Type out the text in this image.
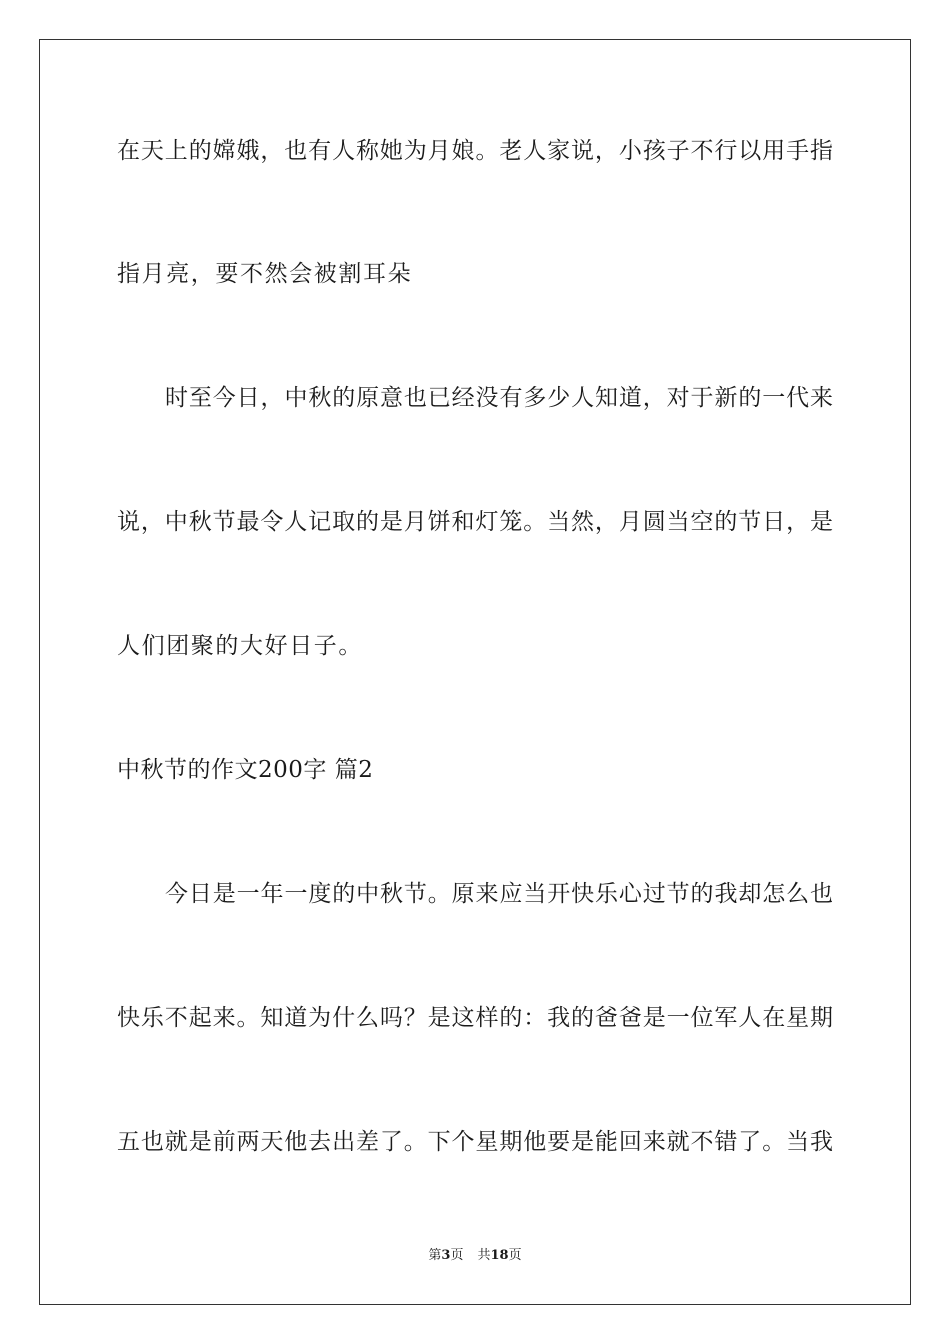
在天上的嫦娥，也有人称她为月娘。老人家说，小孩子不行以用手指
指月亮，要不然会被割耳朵
时至今日，中秋的原意也已经没有多少人知道，对于新的一代来
说，中秋节最令人记取的是月饼和灯笼。当然，月圆当空的节日，是
人们团聚的大好日子。
中秋节的作文200字 篇2
今日是一年一度的中秋节。原来应当开快乐心过节的我却怎么也
快乐不起来。知道为什么吗？是这样的：我的爸爸是一位军人在星期
五也就是前两天他去出差了。下个星期他要是能回来就不错了。当我
第3页 共18页
